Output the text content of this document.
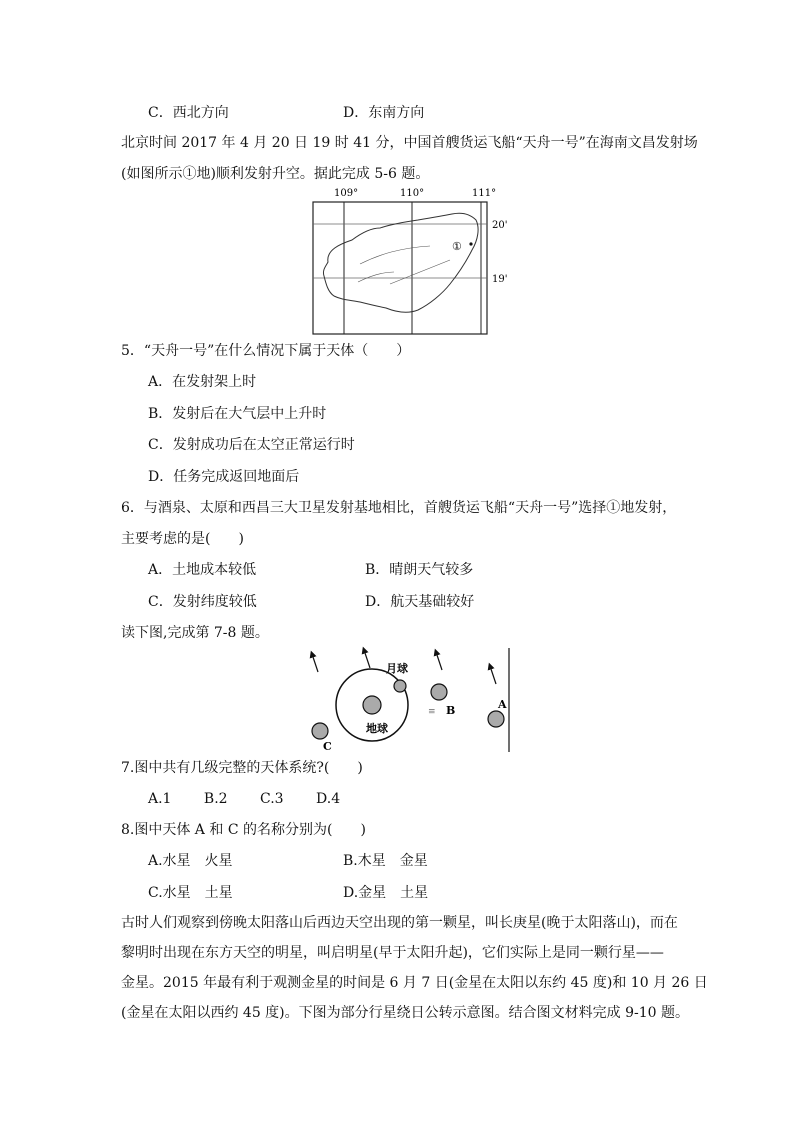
C．西北方向	D．东南方向
北京时间 2017 年 4 月 20 日 19 时 41 分，中国首艘货运飞船“天舟一号”在海南文昌发射场
(如图所示①地)顺利发射升空。据此完成 5-6 题。
109°	110°	111°
20'
19'
①
5．“天舟一号”在什么情况下属于天体（　　）
A．在发射架上时
B．发射后在大气层中上升时
C．发射成功后在太空正常运行时
D．任务完成返回地面后
6．与酒泉、太原和西昌三大卫星发射基地相比，首艘货运飞船“天舟一号”选择①地发射，
主要考虑的是(　　)
A．土地成本较低	B．晴朗天气较多
C．发射纬度较低	D．航天基础较好
读下图,完成第 7-8 题。
月球
地球
≡ B	A
C
7.图中共有几级完整的天体系统?(　　)
A.1　　 B.2　　 C.3　　 D.4
8.图中天体 A 和 C 的名称分别为(　　)
A.水星　火星	B.木星　金星
C.水星　土星	D.金星　土星
古时人们观察到傍晚太阳落山后西边天空出现的第一颗星，叫长庚星(晚于太阳落山)，而在
黎明时出现在东方天空的明星，叫启明星(早于太阳升起)，它们实际上是同一颗行星——
金星。2015 年最有利于观测金星的时间是 6 月 7 日(金星在太阳以东约 45 度)和 10 月 26 日
(金星在太阳以西约 45 度)。下图为部分行星绕日公转示意图。结合图文材料完成 9-10 题。
